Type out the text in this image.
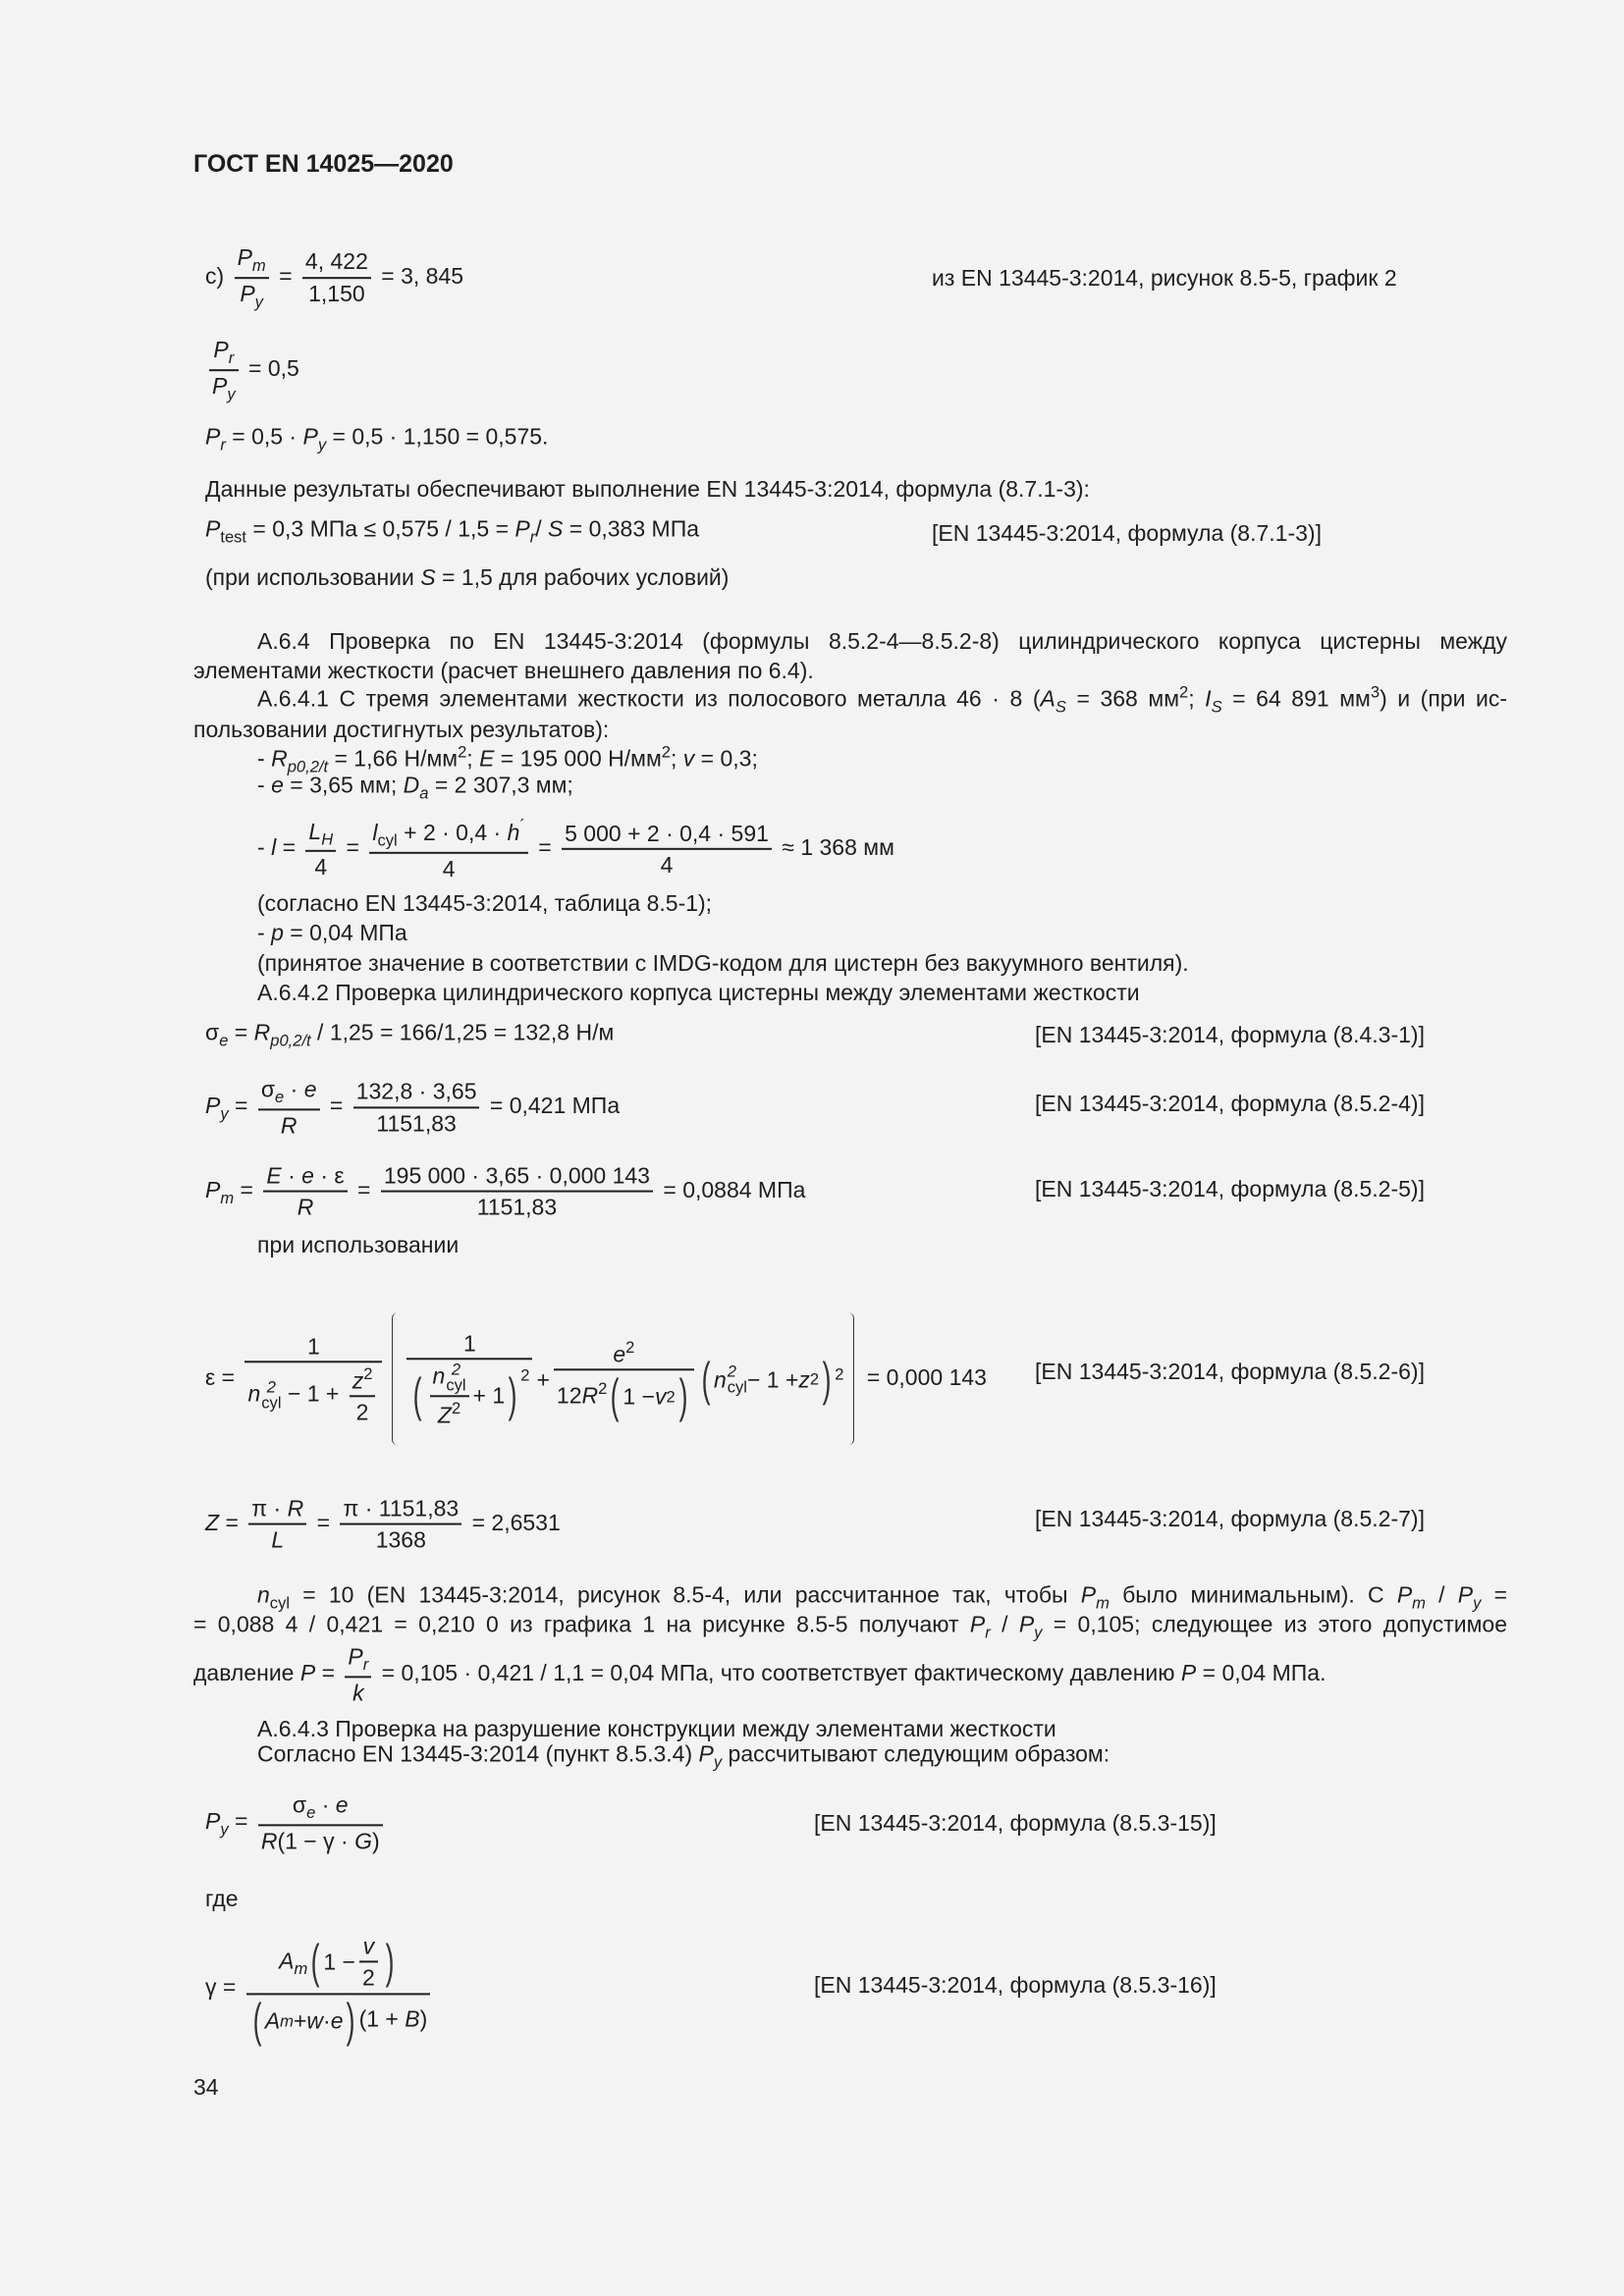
ГОСТ EN 14025—2020
$c) \frac{P_m}{P_y} = \frac{4, 422}{1,150} = 3$, 845	из EN 13445-3:2014, рисунок 8.5-5, график 2
$\frac{P_r}{P_y} = 0,5$
$P_r = 0,5 \cdot P_y = 0,5 \cdot 1,150 = 0,575$.
Данные результаты обеспечивают выполнение EN 13445-3:2014, формула (8.7.1-3):
$P_{test} = 0,3$ МПа ≤ $0,575 / 1,5 = P_r/$ S = 0,383 МПа	[EN 13445-3:2014, формула (8.7.1-3)]
(при использовании S = 1,5 для рабочих условий)
А.6.4 Проверка по EN 13445-3:2014 (формулы 8.5.2-4—8.5.2-8) цилиндрического корпуса цистерны между
элементами жесткости (расчет внешнего давления по 6.4).
А.6.4.1 С тремя элементами жесткости из полосового металла 46 · 8 ($A_S = 368$ $мм^2$; $I_S = 64$ 891 $мм^3$) и (при ис-
пользовании достигнутых результатов):
- $R_{p0,2/t} = 1,66$ $Н/мм^2$; E = 195 000 $Н/мм^2$; v = 0,3;
- e = 3,65 мм; $D_a = 2$ 307,3 мм;
- $l = \frac{L_H}{4} = \frac{l_{cyl} + 2 \cdot 0,4 \cdot h^´}{4} = \frac{5 000 + 2 \cdot 0,4 \cdot 591}{4} \approx 1$ 368 мм
(согласно EN 13445-3:2014, таблица 8.5-1);
- p = 0,04 МПа
(принятое значение в соответствии с IMDG-кодом для цистерн без вакуумного вентиля).
А.6.4.2 Проверка цилиндрического корпуса цистерны между элементами жесткости
$\sigma_e = R_{p0,2/t} / 1,25 = 166/1,25 = 132,8$ Н/м	[EN 13445-3:2014, формула (8.4.3-1)]
$P_y = \frac{\sigma_e \cdot e}{R} = \frac{132,8 \cdot 3,65}{1151,83} = 0,421$ МПа	[EN 13445-3:2014, формула (8.5.2-4)]
$P_m = \frac{E \cdot e \cdot \varepsilon}{R} = \frac{195 000 \cdot 3,65 \cdot 0,000 143}{1151,83} = 0,0884$ МПа	[EN 13445-3:2014, формула (8.5.2-5)]
при использовании
ε = 1
n 2
cyl − $1 + \frac{z^2}{2} 1$
( n 2
cyl
$Z^2 + 1$ ) $2 + \frac{e^2}{12R^2 ( 1 - v 2 )}$ ( n 2
cyl − 1 + z 2 ) 2 = 0,000 143 [EN 13445-3:2014, формула (8.5.2-6)]
$Z = \frac{\pi \cdot R}{L} = \frac{\pi \cdot 1151,83}{1368} = 2,6531$	[EN 13445-3:2014, формула (8.5.2-7)]
$n_{cyl} = 10$ (EN 13445-3:2014, рисунок 8.5-4, или рассчитанное так, чтобы $P_m$ было минимальным). С $P_m / P_y$ =
= 0,088 4 / 0,421 = 0,210 0 из графика 1 на рисунке 8.5-5 получают $P_r / P_y = 0,105$; следующее из этого допустимое
давление $P = \frac{P_r}{k} = 0,105 \cdot 0,421 / 1,1 = 0,04$ МПа, что соответствует фактическому давлению P = 0,04 МПа.
А.6.4.3 Проверка на разрушение конструкции между элементами жесткости
Согласно EN 13445-3:2014 (пункт 8.5.3.4) $P_y$ рассчитывают следующим образом:
$P_y = \frac{\sigma_e \cdot e}{R(1 - \gamma \cdot G)}$	[EN 13445-3:2014, формула (8.5.3-15)]
где
$\gamma = \frac{A_m ( 1 - \frac{v}{2} )}{\text{( A m + w · e ) (1 + B)}}$	[EN 13445-3:2014, формула (8.5.3-16)]
34
